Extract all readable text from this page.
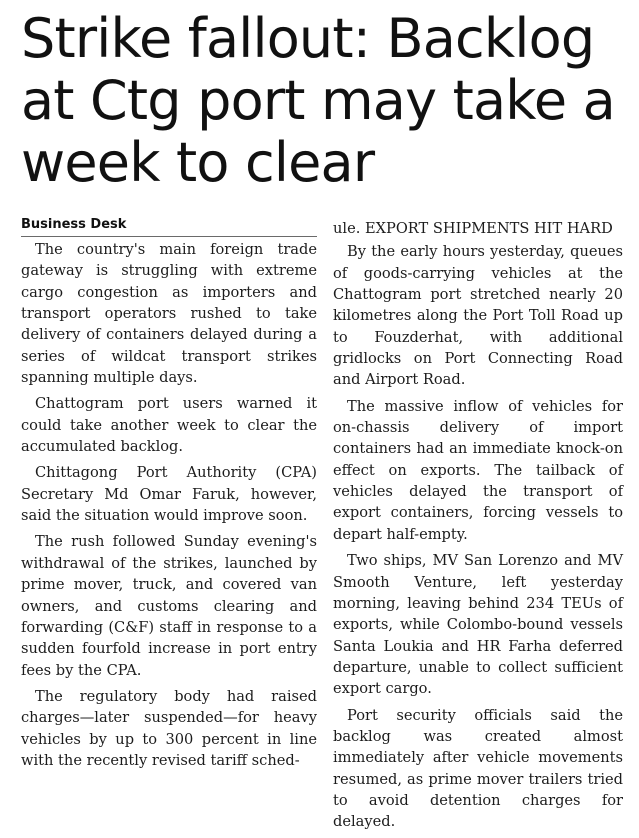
Strike fallout: Backlog at Ctg port may take a week to clear
Business Desk

The country's main foreign trade gateway is struggling with extreme cargo congestion as importers and transport operators rushed to take delivery of containers delayed during a series of wildcat transport strikes spanning multiple days.

Chattogram port users warned it could take another week to clear the accumulated backlog.

Chittagong Port Authority (CPA) Secretary Md Omar Faruk, however, said the situation would improve soon.

The rush followed Sunday evening's withdrawal of the strikes, launched by prime mover, truck, and covered van owners, and customs clearing and forwarding (C&F) staff in response to a sudden fourfold increase in port entry fees by the CPA.

The regulatory body had raised charges—later suspended—for heavy vehicles by up to 300 percent in line with the recently revised tariff sched-

ule. EXPORT SHIPMENTS HIT HARD

By the early hours yesterday, queues of goods-carrying vehicles at the Chattogram port stretched nearly 20 kilometres along the Port Toll Road up to Fouzderhat, with additional gridlocks on Port Connecting Road and Airport Road.

The massive inflow of vehicles for on-chassis delivery of import containers had an immediate knock-on effect on exports. The tailback of vehicles delayed the transport of export containers, forcing vessels to depart half-empty.

Two ships, MV San Lorenzo and MV Smooth Venture, left yesterday morning, leaving behind 234 TEUs of exports, while Colombo-bound vessels Santa Loukia and HR Farha deferred departure, unable to collect sufficient export cargo.

Port security officials said the backlog was created almost immediately after vehicle movements resumed, as prime mover trailers tried to avoid detention charges for delayed.
